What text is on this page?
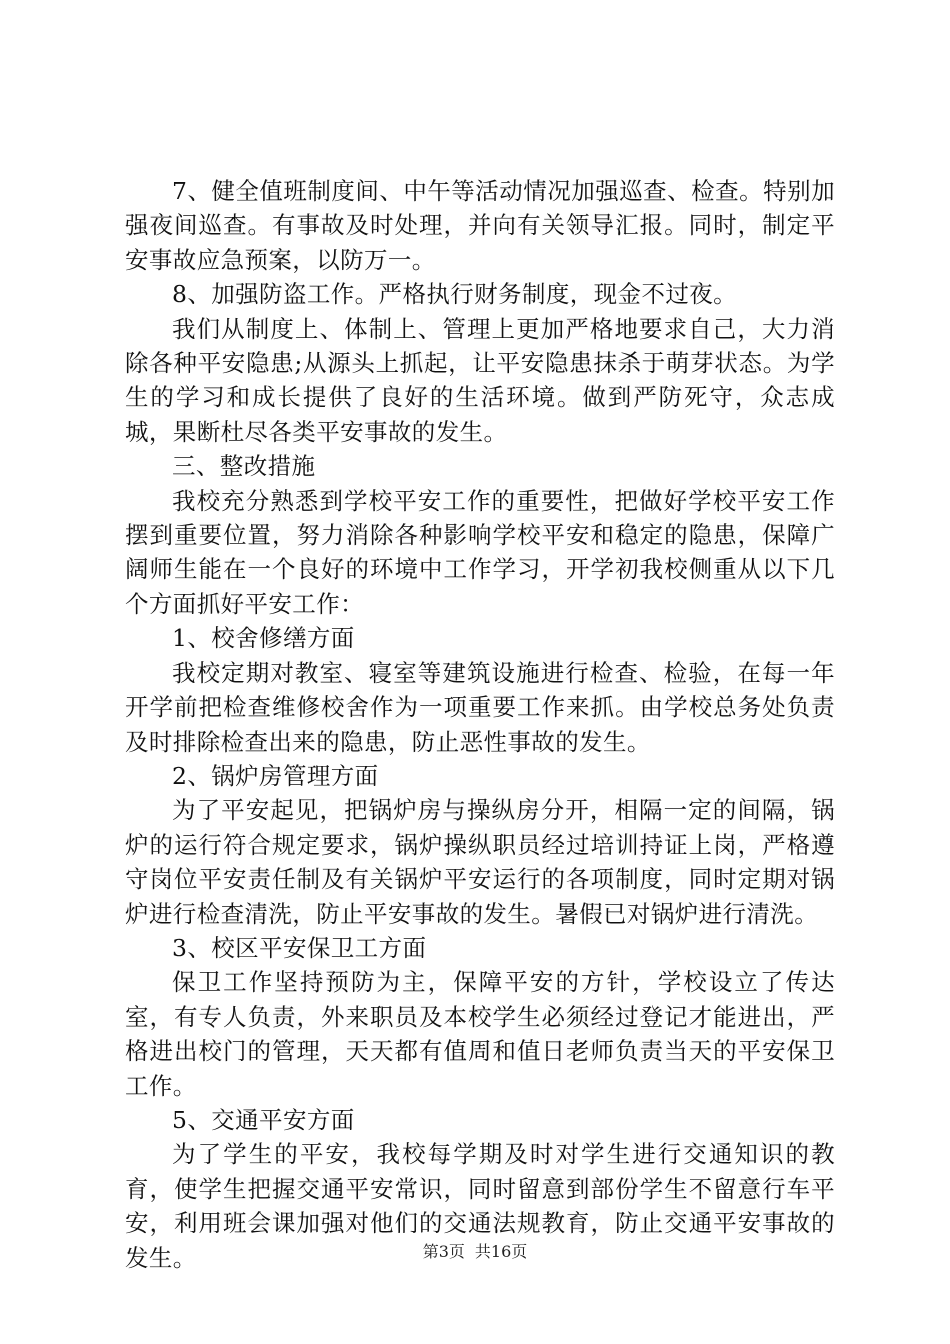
7、健全值班制度间、中午等活动情况加强巡查、检查。特别加强夜间巡查。有事故及时处理，并向有关领导汇报。同时，制定平安事故应急预案，以防万一。

8、加强防盗工作。严格执行财务制度，现金不过夜。

我们从制度上、体制上、管理上更加严格地要求自己，大力消除各种平安隐患;从源头上抓起，让平安隐患抹杀于萌芽状态。为学生的学习和成长提供了良好的生活环境。做到严防死守，众志成城，果断杜尽各类平安事故的发生。

三、整改措施

我校充分熟悉到学校平安工作的重要性，把做好学校平安工作摆到重要位置，努力消除各种影响学校平安和稳定的隐患，保障广阔师生能在一个良好的环境中工作学习，开学初我校侧重从以下几个方面抓好平安工作：

1、校舍修缮方面

我校定期对教室、寝室等建筑设施进行检查、检验，在每一年开学前把检查维修校舍作为一项重要工作来抓。由学校总务处负责及时排除检查出来的隐患，防止恶性事故的发生。

2、锅炉房管理方面

为了平安起见，把锅炉房与操纵房分开，相隔一定的间隔，锅炉的运行符合规定要求，锅炉操纵职员经过培训持证上岗，严格遵守岗位平安责任制及有关锅炉平安运行的各项制度，同时定期对锅炉进行检查清洗，防止平安事故的发生。暑假已对锅炉进行清洗。

3、校区平安保卫工方面

保卫工作坚持预防为主，保障平安的方针，学校设立了传达室，有专人负责，外来职员及本校学生必须经过登记才能进出，严格进出校门的管理，天天都有值周和值日老师负责当天的平安保卫工作。

5、交通平安方面

为了学生的平安，我校每学期及时对学生进行交通知识的教育，使学生把握交通平安常识，同时留意到部份学生不留意行车平安，利用班会课加强对他们的交通法规教育，防止交通平安事故的发生。	第3页 共16页
